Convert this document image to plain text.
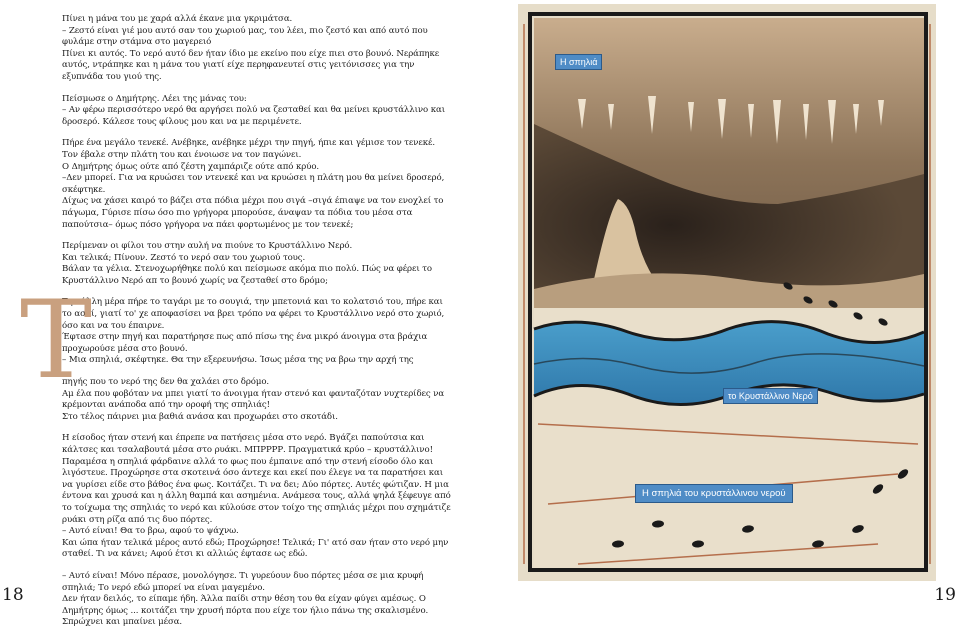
Πίνει η μάνα του με χαρά αλλά έκανε μια γκριμάτσα.
– Ζεστό είναι γιέ μου αυτό σαν του χωριού μας, του λέει, πιο ζεστό και από αυτό που φυλάμε στην στάμνα στο μαγερειό
Πίνει κι αυτός. Το νερό αυτό δεν ήταν ίδιο με εκείνο που είχε πιει στο βουνό. Νεράπηκε αυτός, ντράπηκε και η μάνα του γιατί είχε περηφανευτεί στις γειτόνισσες για την εξυπνάδα του γιού της.

Πείσμωσε ο Δημήτρης. Λέει της μάνας του:
– Αν φέρω περισσότερο νερό θα αργήσει πολύ να ζεσταθεί και θα μείνει κρυστάλλινο και δροσερό. Κάλεσε τους φίλους μου και να με περιμένετε.

Πήρε ένα μεγάλο τενεκέ. Ανέβηκε, ανέβηκε μέχρι την πηγή, ήπιε και γέμισε τον τενεκέ. Τον έβαλε στην πλάτη του και ένοιωσε να τον παγώνει.
Ο Δημήτρης όμως ούτε από ζέστη χαμπάριζε ούτε από κρύο.
–Δεν μπορεί. Για να κρυώσει τον ντενεκέ και να κρυώσει η πλάτη μου θα μείνει δροσερό, σκέφτηκε.
Δίχως να χάσει καιρό το βάζει στα πόδια μέχρι που σιγά –σιγά έπιαψε να τον ενοχλεί το πάγωμα, Γύρισε πίσω όσο πιο γρήγορα μπορούσε, άναψαν τα πόδια του μέσα στα παπούτσια– όμως πόσο γρήγορα να πάει φορτωμένος με τον τενεκέ;

Περίμεναν οι φίλοι του στην αυλή να πιούνε το Κρυστάλλινο Νερό.
Και τελικά; Πίνουν. Ζεστό το νερό σαν του χωριού τους.
Βάλαν τα γέλια. Στενοχωρήθηκε πολύ και πείσμωσε ακόμα πιο πολύ. Πώς να φέρει το Κρυστάλλινο Νερό απ το βουνό χωρίς να ζεσταθεί στο δρόμο;

Τ

Την άλλη μέρα πήρε το ταγάρι με το σουγιά, την μπετονιά και το κολατσιό του, πήρε και το ασκί, γιατί το' χε αποφασίσει να βρει τρόπο να φέρει το Κρυστάλλινο νερό στο χωριό, όσο και να του έπαιρνε.
Έφτασε στην πηγή και παρατήρησε πως από πίσω της ένα μικρό άνοιγμα στα βράχια προχωρούσε μέσα στο βουνό.
– Μια σπηλιά, σκέφτηκε. Θα την εξερευνήσω. Ίσως μέσα της να βρω την αρχή της

πηγής που το νερό της δεν θα χαλάει στο δρόμο.
Αμ έλα που φοβόταν να μπει γιατί το άνοιγμα ήταν στενό και φανταζόταν νυχτερίδες να κρέμονται ανάποδα από την οροφή της σπηλιάς!
Στο τέλος πάιρνει μια βαθιά ανάσα και προχωράει στο σκοτάδι.

Η είσοδος ήταν στενή και έπρεπε να πατήσεις μέσα στο νερό. Βγάζει παπούτσια και κάλτσες και τσαλαβουτά μέσα στο ρυάκι. ΜΠΡΡΡΡ. Πραγματικά κρύο – κρυστάλλινο!
Παραμέσα η σπηλιά φάρδαινε αλλά το φως που έμπαινε από την στενή είσοδο όλο και λιγόστευε. Προχώρησε στα σκοτεινά όσο άντεχε και εκεί που έλεγε να τα παρατήσει και να γυρίσει είδε στο βάθος ένα φως. Κοιτάζει. Τι να δει; Δύο πόρτες. Αυτές φώτιζαν. Η μια έντονα και χρυσά και η άλλη θαμπά και ασημένια. Ανάμεσα τους, αλλά ψηλά ξέφευγε από το τοίχωμα της σπηλιάς το νερό και κύλούσε στον τοίχο της σπηλιάς μέχρι που σχημάτιζε ρυάκι στη ρίζα από τις δυο πόρτες.
– Αυτό είναι! Θα το βρω, αφού το ψάχνω.
Και ώπα ήταν τελικά μέρος αυτό εδώ; Προχώρησε! Τελικά; Γι' ατό σαν ήταν στο νερό μην σταθεί. Τι να κάνει; Αφού έτσι κι αλλιώς έφτασε ως εδώ.

– Αυτό είναι! Μόνο πέρασε, μονολόγησε. Τι γυρεύουν δυο πόρτες μέσα σε μια κρυφή σπηλιά; Το νερό εδώ μπορεί να είναι μαγεμένο.
Δεν ήταν δειλός, το είπαμε ήδη. Άλλα παίδι στην θέση του θα είχαν φύγει αμέσως. Ο Δημήτρης όμως ... κοιτάζει την χρυσή πόρτα που είχε τον ήλιο πάνω της σκαλισμένο. Σπρώχνει και μπαίνει μέσα.

18
Η σπηλιά
το Κρυστάλλινο Νερό
Η σπηλιά του κρυστάλλινου νερού
19
